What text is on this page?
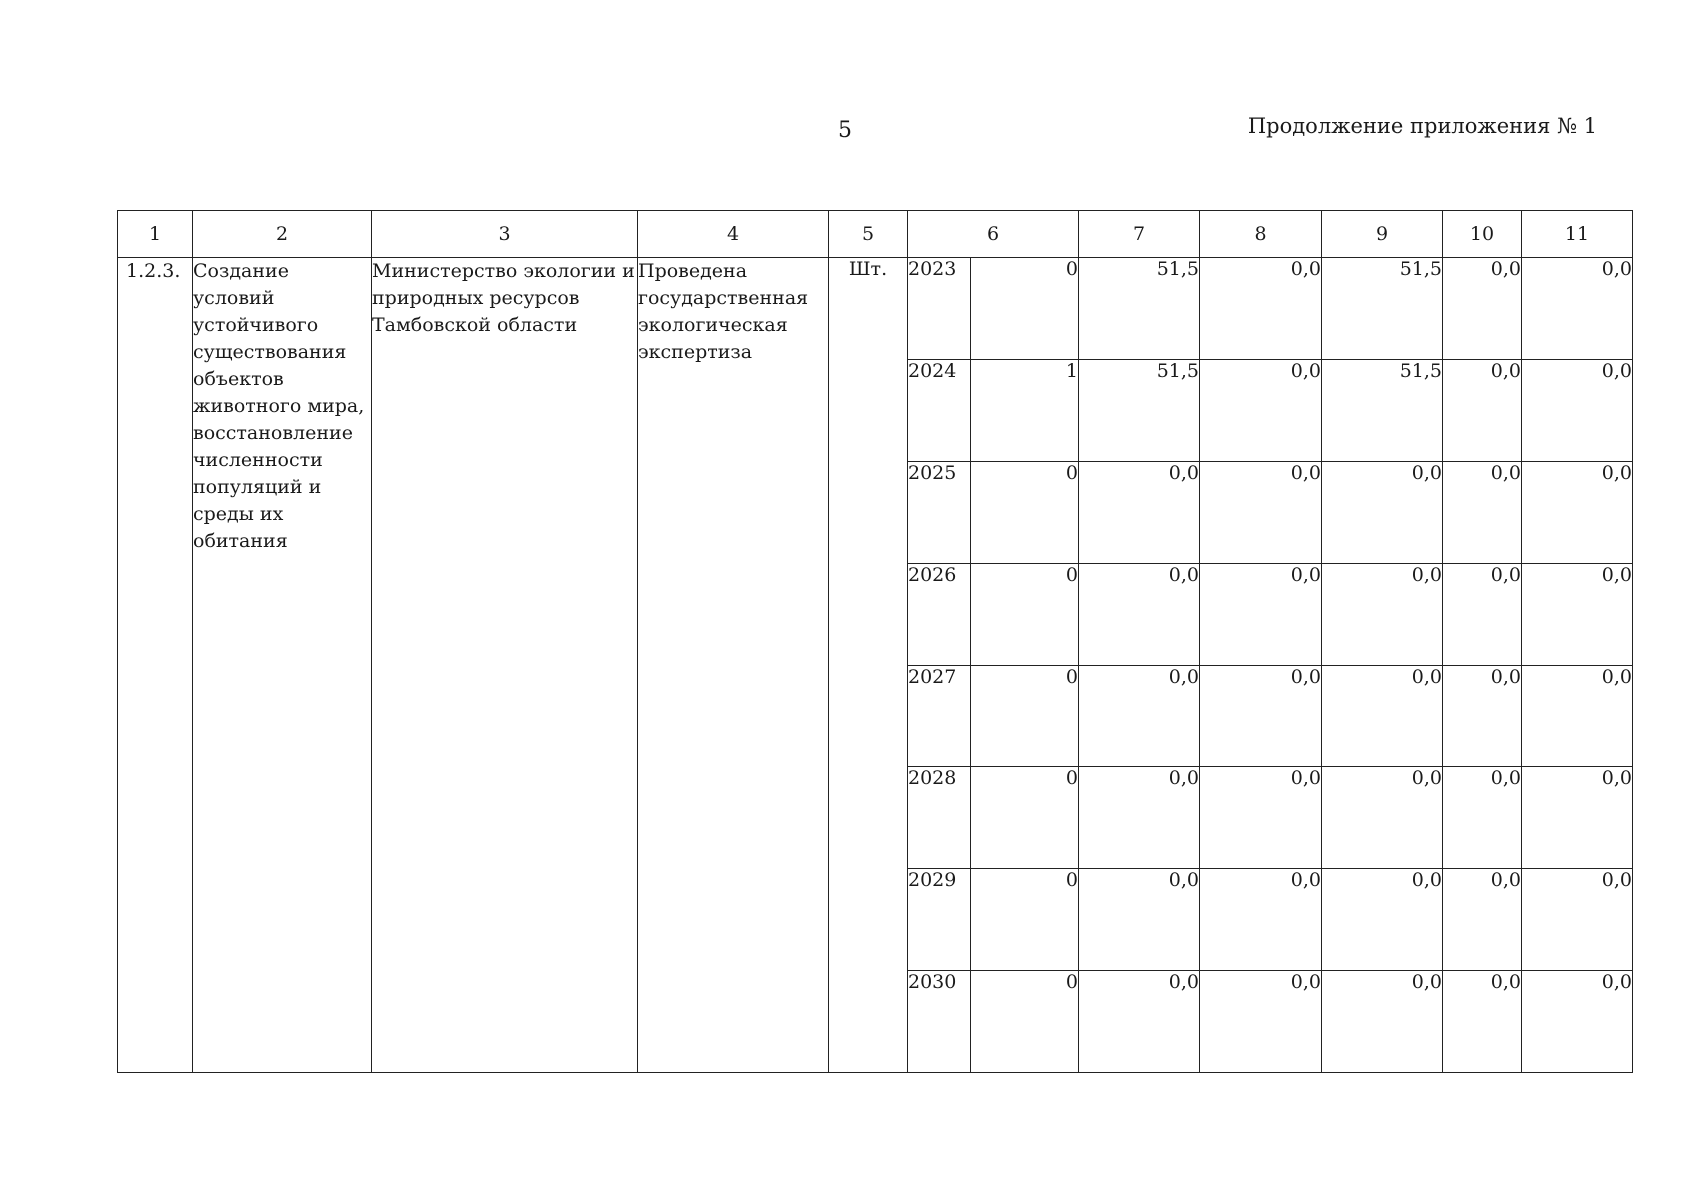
5	Продолжение приложения № 1
1	2	3	4	5	6		7	8	9	10	11
1.2.3.	Создание условий устойчивого существования объектов животного мира, восстановление численности популяций и среды их обитания	Министерство экологии и природных ресурсов Тамбовской области	Проведена государственная экологическая экспертиза	Шт.	2023	0	51,5	0,0	51,5	0,0	0,0
					2024	1	51,5	0,0	51,5	0,0	0,0
					2025	0	0,0	0,0	0,0	0,0	0,0
					2026	0	0,0	0,0	0,0	0,0	0,0
					2027	0	0,0	0,0	0,0	0,0	0,0
					2028	0	0,0	0,0	0,0	0,0	0,0
					2029	0	0,0	0,0	0,0	0,0	0,0
					2030	0	0,0	0,0	0,0	0,0	0,0
